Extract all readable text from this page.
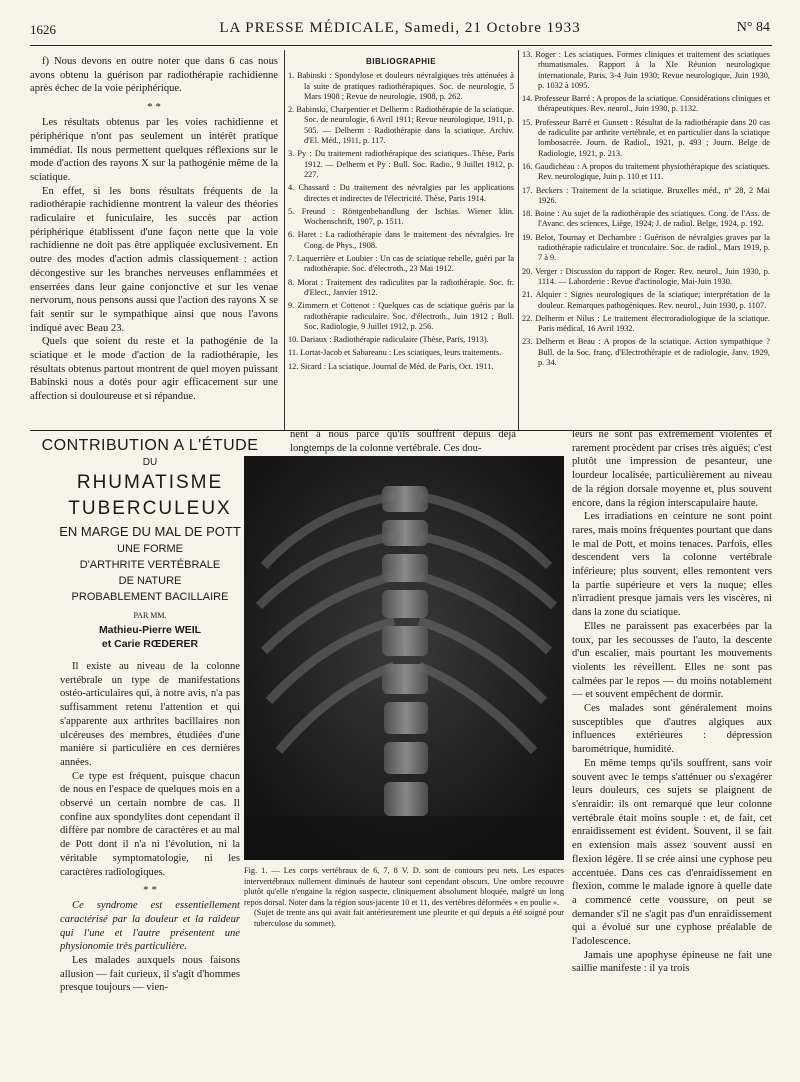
1626	LA PRESSE MÉDICALE, Samedi, 21 Octobre 1933	N° 84

f) Nous devons en outre noter que dans 6 cas nous avons obtenu la guérison par radiothérapie rachidienne après échec de la voie périphérique.

* *

Les résultats obtenus par les voies rachidienne et périphérique n'ont pas seulement un intérêt pratique immédiat. Ils nous permettent quelques réflexions sur le mode d'action des rayons X sur la pathogénie même de la sciatique.

En effet, si les bons résultats fréquents de la radiothérapie rachidienne montrent la valeur des théories radiculaire et funiculaire, les succès par action périphérique établissent d'une façon nette que la voie rachidienne ne doit pas être appliquée exclusivement. En outre des modes d'action admis classiquement : action décongestive sur les branches nerveuses enflammées et enserrées dans leur gaine conjonctive et sur les venae nervorum, nous pensons aussi que l'action des rayons X se fait sentir sur le sympathique ainsi que nous l'avons indiqué avec Beau 23.

Quels que soient du reste et la pathogénie de la sciatique et le mode d'action de la radiothérapie, les résultats obtenus partout montrent de quel moyen puissant Babinski nous a dotés pour agir efficacement sur une affection si douloureuse et si répandue.

BIBLIOGRAPHIE
1. Babinski : Spondylose et douleurs névralgiques très atténuées à la suite de pratiques radiothérapiques. Soc. de neurologie, 5 Mars 1908 ; Revue de neurologie, 1908, p. 262.
2. Babinski, Charpentier et Delherm : Radiothérapie de la sciatique. Soc. de neurologie, 6 Avril 1911; Revue neurologique, 1911, p. 505. — Delherm : Radiothérapie dans la sciatique. Archiv. d'El. Méd., 1911, p. 117.
3. Py : Du traitement radiothérapique des sciatiques. Thèse, Paris 1912. — Delherm et Py : Bull. Soc. Radio., 9 Juillet 1912, p. 227.
4. Chassard : Du traitement des névralgies par les applications directes et indirectes de l'électricité. Thèse, Paris 1914.
5. Freund : Röntgenbehandlung der Ischias. Wiener klin. Wochenschrift, 1907, p. 1511.
6. Haret : La radiothérapie dans le traitement des névralgies. Ire Cong. de Phys., 1908.
7. Laquerrière et Loubier : Un cas de sciatique rebelle, guéri par la radiothérapie. Soc. d'électroth., 23 Mai 1912.
8. Morat : Traitement des radiculites par la radiothérapie. Soc. fr. d'Elect., Janvier 1912.
9. Zimmern et Cottenot : Quelques cas de sciatique guéris par la radiothérapie radiculaire. Soc. d'électroth., Juin 1912 ; Bull. Soc. Radiologie, 9 Juillet 1912, p. 256.
10. Dariaux : Radiothérapie radiculaire (Thèse, Paris, 1913).
11. Lortat-Jacob et Sabareanu : Les sciatiques, leurs traitements.
12. Sicard : La sciatique. Journal de Méd. de Paris, Oct. 1911.
13. Roger : Les sciatiques. Formes cliniques et traitement des sciatiques rhumatismales. Rapport à la XIe Réunion neurologique internationale, Paris, 3-4 Juin 1930; Revue neurologique, Juin 1930, p. 1032 à 1095.
14. Professeur Barré : A propos de la sciatique. Considérations cliniques et thérapeutiques. Rev. neurol., Juin 1930, p. 1132.
15. Professeur Barré et Gunsett : Résultat de la radiothérapie dans 20 cas de radiculite par arthrite vertébrale, et en particulier dans la sciatique lombosacrée. Journ. de Radiol., 1921, p. 493 ; Journ. Belge de Radiologie, 1921, p. 213.
16. Gaudicheau : A propos du traitement physiothérapique des sciatiques. Rev. neurologique, Juin p. 110 et 111.
17. Beckers : Traitement de la sciatique. Bruxelles méd., n° 28, 2 Mai 1926.
18. Boine : Au sujet de la radiothérapie des sciatiques. Cong. de l'Ass. de l'Avanc. des sciences, Liège, 1924; J. de radiol. Belge, 1924, p. 192.
19. Belot, Tournay et Dechambre : Guérison de névralgies graves par la radiothérapie radiculaire et tronculaire. Soc. de radiol., Mars 1919, p. 7 à 9.
20. Verger : Discussion du rapport de Roger. Rev. neurol., Juin 1930, p. 1114. — Laborderie : Revue d'actinologie, Mai-Juin 1930.
21. Alquier : Signes neurologiques de la sciatique; interprétation de la douleur. Remarques pathogéniques. Rev. neurol., Juin 1930, p. 1107.
22. Delherm et Nilus : Le traitement électroradiologique de la sciatique. Paris médical, 16 Avril 1932.
23. Delherm et Beau : A propos de la sciatique. Action sympathique ? Bull. de la Soc. franç. d'Electrothérapie et de radiologie, Janv. 1929, p. 34.
CONTRIBUTION A L'ÉTUDE
DU
RHUMATISME
TUBERCULEUX
EN MARGE DU MAL DE POTT
UNE FORME
D'ARTHRITE VERTÉBRALE
DE NATURE
PROBABLEMENT BACILLAIRE
PAR MM.
Mathieu-Pierre WEIL
et Carie RŒDERER

Il existe au niveau de la colonne vertébrale un type de manifestations ostéo-articulaires qui, à notre avis, n'a pas suffisamment retenu l'attention et qui s'apparente aux arthrites bacillaires non ulcéreuses des membres, étudiées d'une manière si particulière en ces dernières années.

Ce type est fréquent, puisque chacun de nous en l'espace de quelques mois en a observé un certain nombre de cas. Il confine aux spondylites dont cependant il diffère par nombre de caractères et au mal de Pott dont il n'a ni l'évolution, ni la véritable symptomatologie, ni les caractères radiologiques.

* *

Ce syndrome est essentiellement caractérisé par la douleur et la raideur qui l'une et l'autre présentent une physionomie très particulière.

Les malades auxquels nous faisons allusion — fait curieux, il s'agit d'hommes presque toujours — vien-

nent à nous parce qu'ils souffrent depuis déjà longtemps de la colonne vertébrale. Ces dou-

Fig. 1. — Les corps vertébraux de 6, 7, 8 V. D. sont de contours peu nets. Les espaces intervertébraux nullement diminués de hauteur sont cependant obscurs. Une ombre recouvre plutôt qu'elle n'engaine la région suspecte, cliniquement absolument bloquée, malgré un long repos dorsal. Noter dans la région sous-jacente 10 et 11, des vertèbres déformées « en poulie ».
(Sujet de trente ans qui avait fait antérieurement une pleurite et qui depuis a été soigné pour tuberculose du sommet).

leurs ne sont pas extrêmement violentes et rarement procèdent par crises très aiguës; c'est plutôt une impression de pesanteur, une lourdeur localisée, particulièrement au niveau de la région dorsale moyenne et, plus souvent encore, dans la région interscapulaire haute.

Les irradiations en ceinture ne sont point rares, mais moins fréquentes pourtant que dans le mal de Pott, et moins tenaces. Parfois, elles descendent vers la colonne vertébrale inférieure; plus souvent, elles remontent vers la partie supérieure et vers la nuque; elles n'irradient presque jamais vers les viscères, ni dans la zone du sciatique.

Elles ne paraissent pas exacerbées par la toux, par les secousses de l'auto, la descente d'un escalier, mais pourtant les mouvements violents les réveillent. Elles ne sont pas calmées par le repos — du moins notablement — et souvent empêchent de dormir.

Ces malades sont généralement moins susceptibles que d'autres algiques aux influences extérieures : dépression barométrique, humidité.

En même temps qu'ils souffrent, sans voir souvent avec le temps s'atténuer ou s'exagérer leurs douleurs, ces sujets se plaignent de s'enraidir: ils ont remarqué que leur colonne vertébrale était moins souple : et, de fait, cet enraidissement est évident. Souvent, il se fait en extension mais assez souvent aussi en flexion légère. Il se crée ainsi une cyphose peu accentuée. Dans ces cas d'enraidissement en flexion, comme le malade ignore à quelle date a commencé cette voussure, on peut se demander s'il ne s'agit pas d'un enraidissement qui a évolué sur une cyphose préalable de l'adolescence.

Jamais une apophyse épineuse ne fait une saillie manifeste : il ya trois
